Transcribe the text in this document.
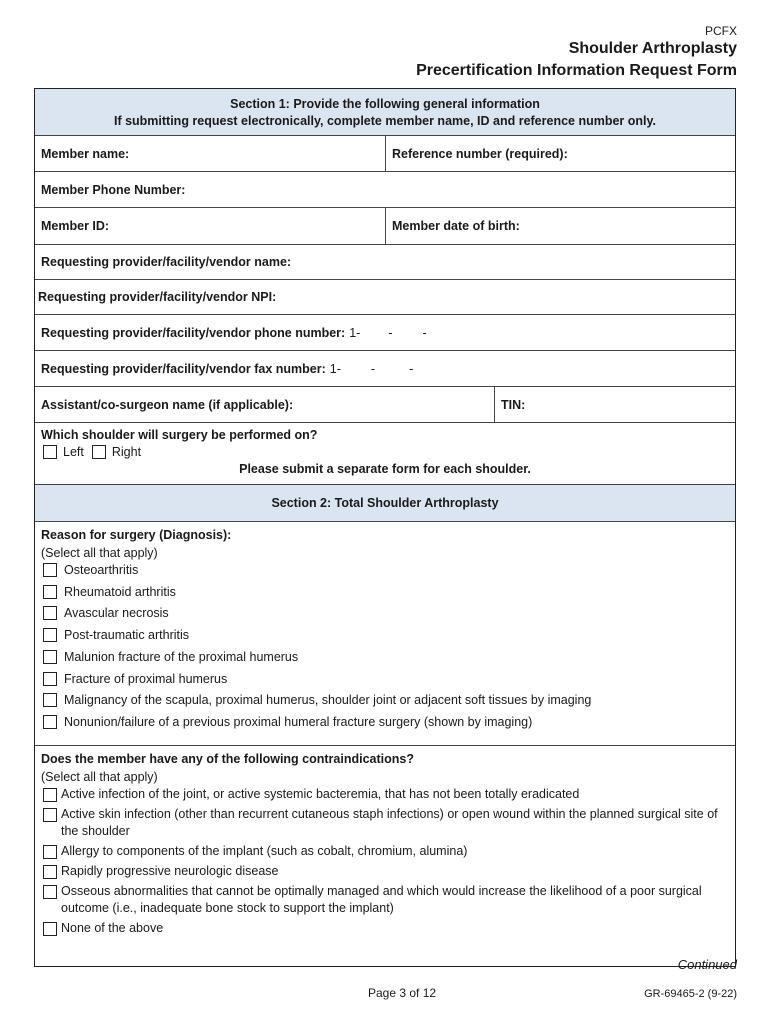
PCFX
Shoulder Arthroplasty
Precertification Information Request Form
Section 1: Provide the following general information
If submitting request electronically, complete member name, ID and reference number only.
Member name:	Reference number (required):
Member Phone Number:
Member ID:	Member date of birth:
Requesting provider/facility/vendor name:
Requesting provider/facility/vendor NPI:
Requesting provider/facility/vendor phone number: 1- - -
Requesting provider/facility/vendor fax number: 1- -	-
Assistant/co-surgeon name (if applicable):	TIN:
Which shoulder will surgery be performed on?
Left Right
Please submit a separate form for each shoulder.
Section 2: Total Shoulder Arthroplasty
Reason for surgery (Diagnosis):
(Select all that apply)
Osteoarthritis
Rheumatoid arthritis
Avascular necrosis
Post-traumatic arthritis
Malunion fracture of the proximal humerus
Fracture of proximal humerus
Malignancy of the scapula, proximal humerus, shoulder joint or adjacent soft tissues by imaging
Nonunion/failure of a previous proximal humeral fracture surgery (shown by imaging)
Does the member have any of the following contraindications?
(Select all that apply)
Active infection of the joint, or active systemic bacteremia, that has not been totally eradicated
Active skin infection (other than recurrent cutaneous staph infections) or open wound within the planned surgical site of the shoulder
Allergy to components of the implant (such as cobalt, chromium, alumina)
Rapidly progressive neurologic disease
Osseous abnormalities that cannot be optimally managed and which would increase the likelihood of a poor surgical outcome (i.e., inadequate bone stock to support the implant)
None of the above
Continued
Page 3 of 12	GR-69465-2 (9-22)
